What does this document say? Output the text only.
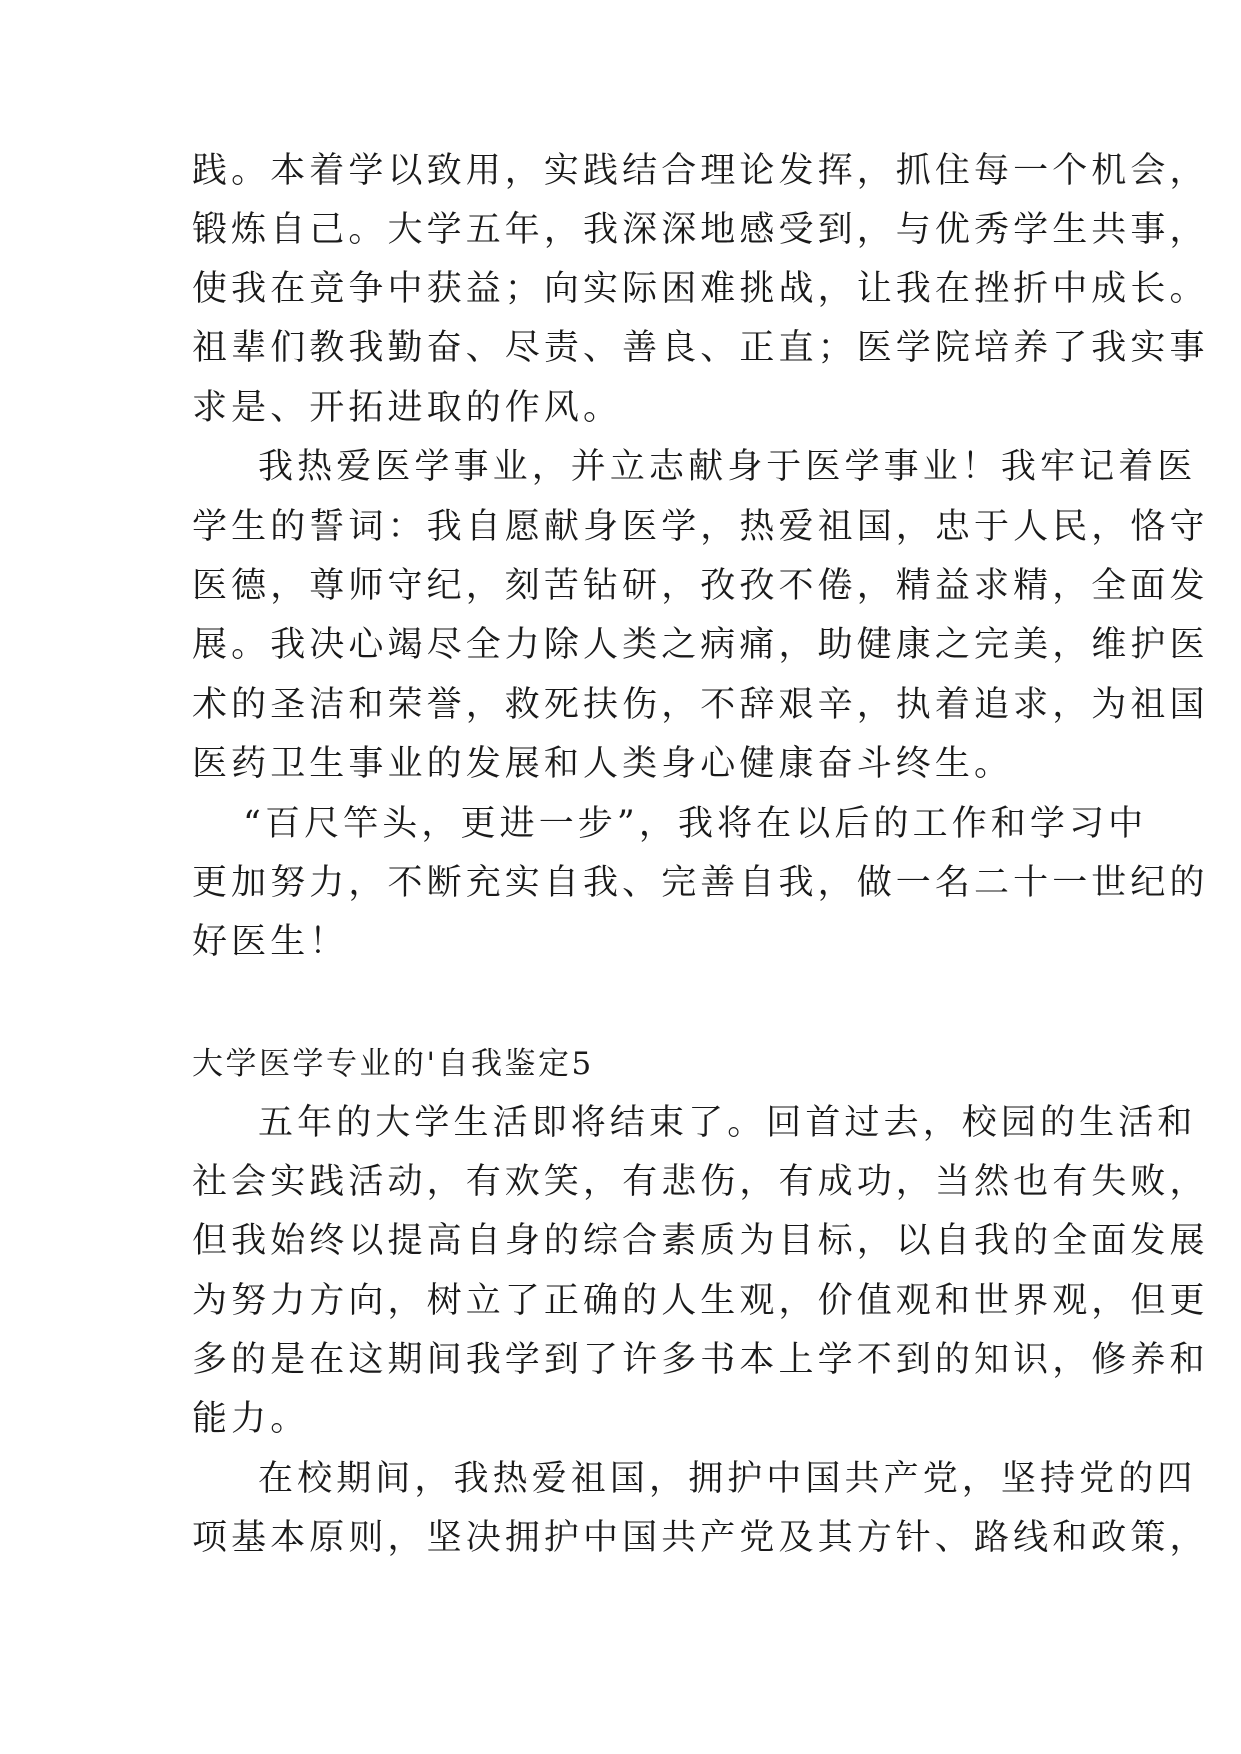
践。本着学以致用，实践结合理论发挥，抓住每一个机会，
锻炼自己。大学五年，我深深地感受到，与优秀学生共事，
使我在竞争中获益；向实际困难挑战，让我在挫折中成长。
祖辈们教我勤奋、尽责、善良、正直；医学院培养了我实事
求是、开拓进取的作风。
我热爱医学事业，并立志献身于医学事业！我牢记着医
学生的誓词：我自愿献身医学，热爱祖国，忠于人民，恪守
医德，尊师守纪，刻苦钻研，孜孜不倦，精益求精，全面发
展。我决心竭尽全力除人类之病痛，助健康之完美，维护医
术的圣洁和荣誉，救死扶伤，不辞艰辛，执着追求，为祖国
医药卫生事业的发展和人类身心健康奋斗终生。
“百尺竿头，更进一步”，我将在以后的工作和学习中
更加努力，不断充实自我、完善自我，做一名二十一世纪的
好医生！
大学医学专业的'自我鉴定5
五年的大学生活即将结束了。回首过去，校园的生活和
社会实践活动，有欢笑，有悲伤，有成功，当然也有失败，
但我始终以提高自身的综合素质为目标，以自我的全面发展
为努力方向，树立了正确的人生观，价值观和世界观，但更
多的是在这期间我学到了许多书本上学不到的知识，修养和
能力。
在校期间，我热爱祖国，拥护中国共产党，坚持党的四
项基本原则，坚决拥护中国共产党及其方针、路线和政策，
